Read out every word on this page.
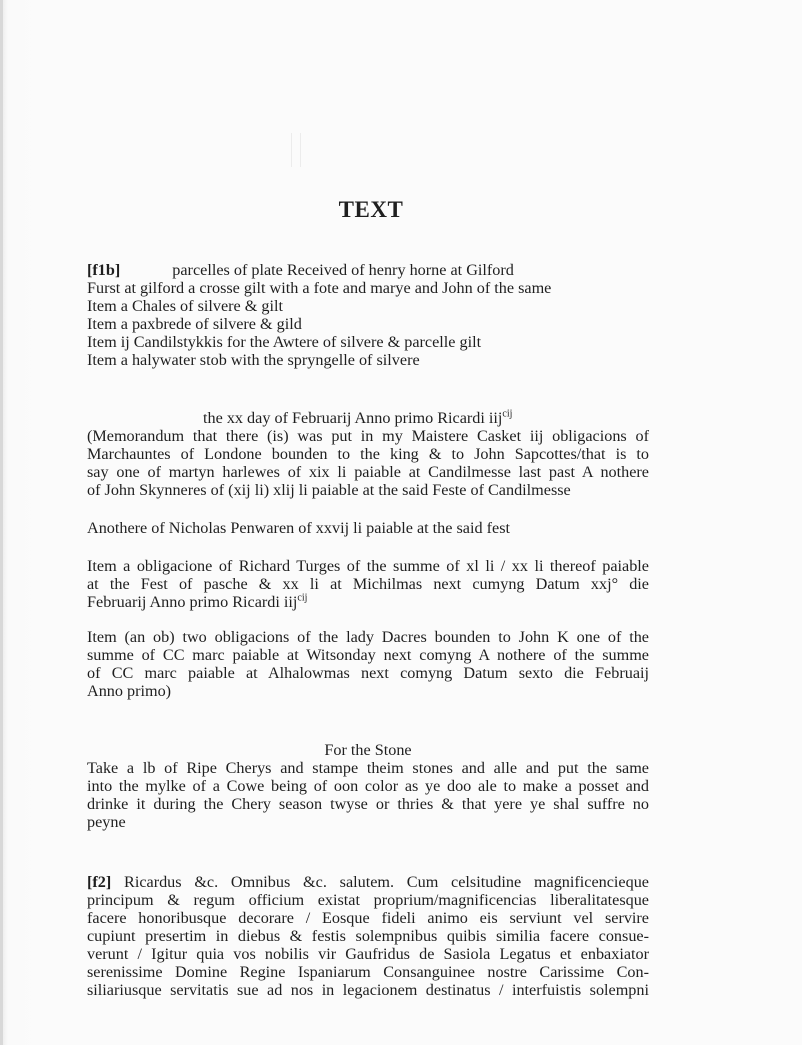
TEXT
[f1b]	parcelles of plate Received of henry horne at Gilford
Furst at gilford a crosse gilt with a fote and marye and John of the same
Item a Chales of silvere & gilt
Item a paxbrede of silvere & gild
Item ij Candilstykkis for the Awtere of silvere & parcelle gilt
Item a halywater stob with the spryngelle of silvere
the xx day of Februarij Anno primo Ricardi iij$^{cij}$
(Memorandum that there (is) was put in my Maistere Casket iij obligacions of
Marchauntes of Londone bounden to the king & to John Sapcottes/that is to
say one of martyn harlewes of xix li paiable at Candilmesse last past A nothere
of John Skynneres of (xij li) xlij li paiable at the said Feste of Candilmesse
Anothere of Nicholas Penwaren of xxvij li paiable at the said fest
Item a obligacione of Richard Turges of the summe of xl li / xx li thereof paiable
at the Fest of pasche & xx li at Michilmas next cumyng Datum xxj° die
Februarij Anno primo Ricardi iij$^{cij}$
Item (an ob) two obligacions of the lady Dacres bounden to John K one of the
summe of CC marc paiable at Witsonday next comyng A nothere of the summe
of CC marc paiable at Alhalowmas next comyng Datum sexto die Februaij
Anno primo)
For the Stone
Take a lb of Ripe Cherys and stampe theim stones and alle and put the same
into the mylke of a Cowe being of oon color as ye doo ale to make a posset and
drinke it during the Chery season twyse or thries & that yere ye shal suffre no
peyne
[f2] Ricardus &c. Omnibus &c. salutem. Cum celsitudine magnificencieque
principum & regum officium existat proprium/magnificencias liberalitatesque
facere honoribusque decorare / Eosque fideli animo eis serviunt vel servire
cupiunt presertim in diebus & festis solempnibus quibis similia facere consue-
verunt / Igitur quia vos nobilis vir Gaufridus de Sasiola Legatus et enbaxiator
serenissime Domine Regine Ispaniarum Consanguinee nostre Carissime Con-
siliariusque servitatis sue ad nos in legacionem destinatus / interfuistis solempni
